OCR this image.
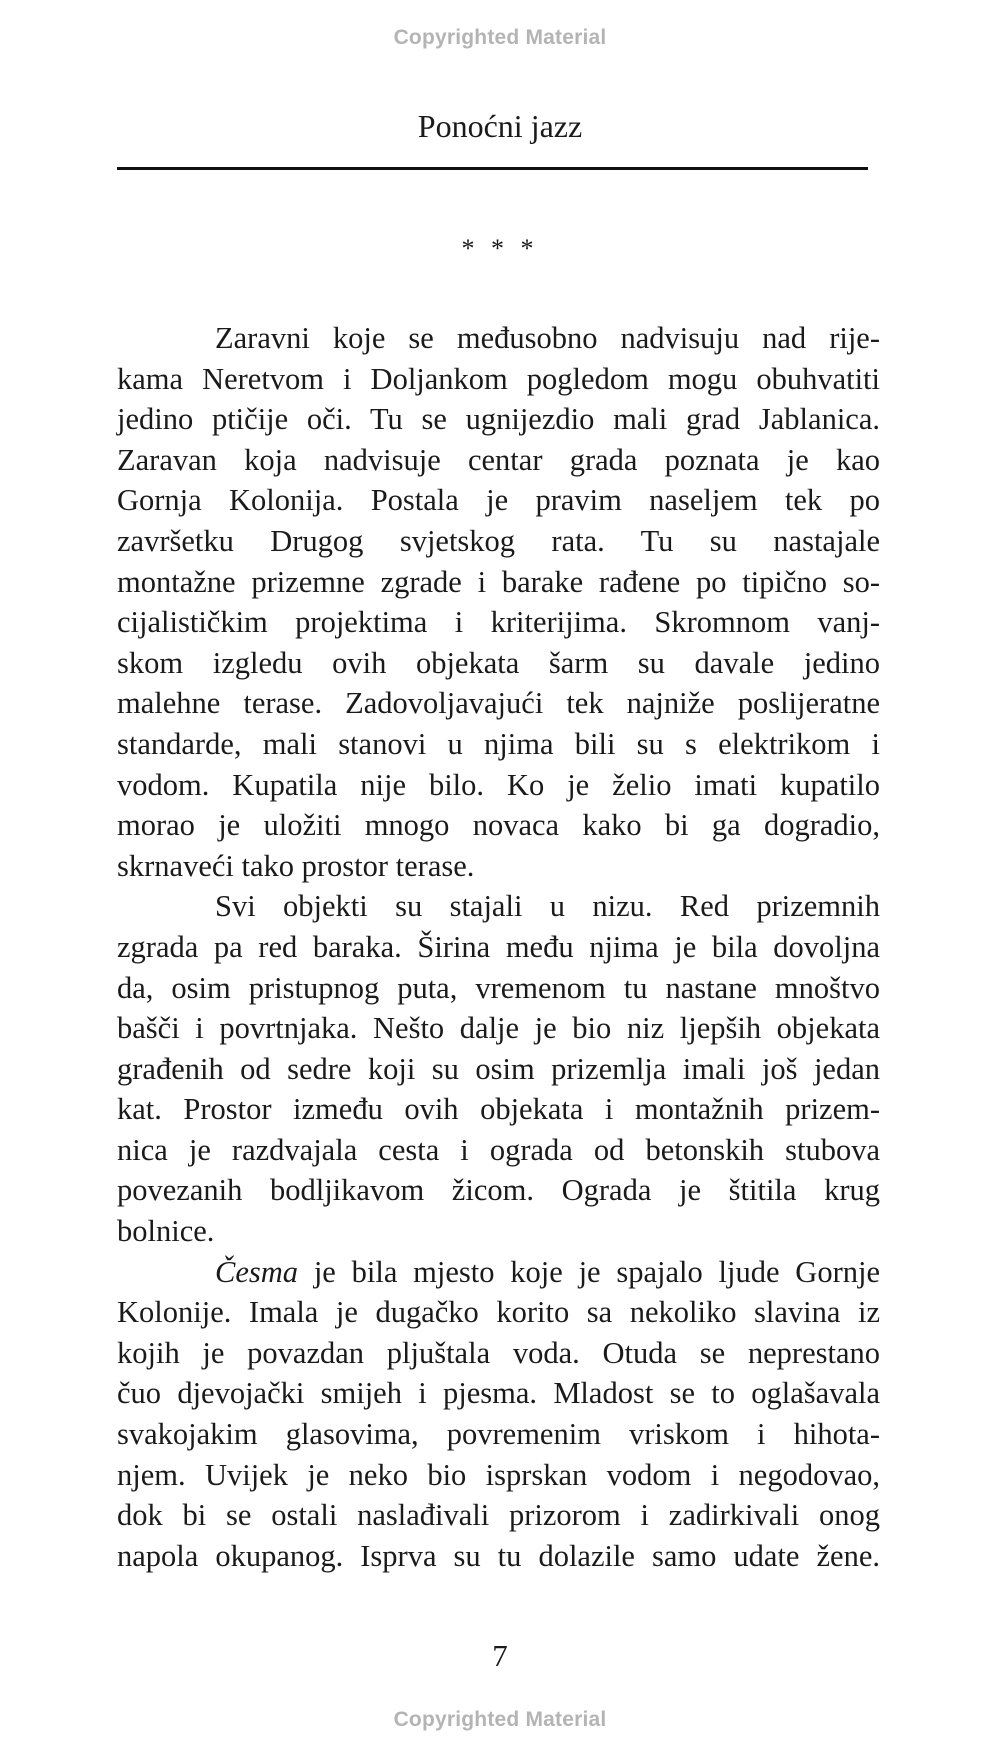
Copyrighted Material
Ponoćni jazz
* * *
Zaravni koje se međusobno nadvisuju nad rije-
kama Neretvom i Doljankom pogledom mogu obuhvatiti
jedino ptičije oči. Tu se ugnijezdio mali grad Jablanica.
Zaravan koja nadvisuje centar grada poznata je kao
Gornja Kolonija. Postala je pravim naseljem tek po
završetku Drugog svjetskog rata. Tu su nastajale
montažne prizemne zgrade i barake rađene po tipično so-
cijalističkim projektima i kriterijima. Skromnom vanj-
skom izgledu ovih objekata šarm su davale jedino
malehne terase. Zadovoljavajući tek najniže poslijeratne
standarde, mali stanovi u njima bili su s elektrikom i
vodom. Kupatila nije bilo. Ko je želio imati kupatilo
morao je uložiti mnogo novaca kako bi ga dogradio,
skrnaveći tako prostor terase.
Svi objekti su stajali u nizu. Red prizemnih
zgrada pa red baraka. Širina među njima je bila dovoljna
da, osim pristupnog puta, vremenom tu nastane mnoštvo
bašči i povrtnjaka. Nešto dalje je bio niz ljepših objekata
građenih od sedre koji su osim prizemlja imali još jedan
kat. Prostor između ovih objekata i montažnih prizem-
nica je razdvajala cesta i ograda od betonskih stubova
povezanih bodljikavom žicom. Ograda je štitila krug
bolnice.
Česma je bila mjesto koje je spajalo ljude Gornje
Kolonije. Imala je dugačko korito sa nekoliko slavina iz
kojih je povazdan pljuštala voda. Otuda se neprestano
čuo djevojački smijeh i pjesma. Mladost se to oglašavala
svakojakim glasovima, povremenim vriskom i hihota-
njem. Uvijek je neko bio isprskan vodom i negodovao,
dok bi se ostali naslađivali prizorom i zadirkivali onog
napola okupanog. Isprva su tu dolazile samo udate žene.
7
Copyrighted Material
